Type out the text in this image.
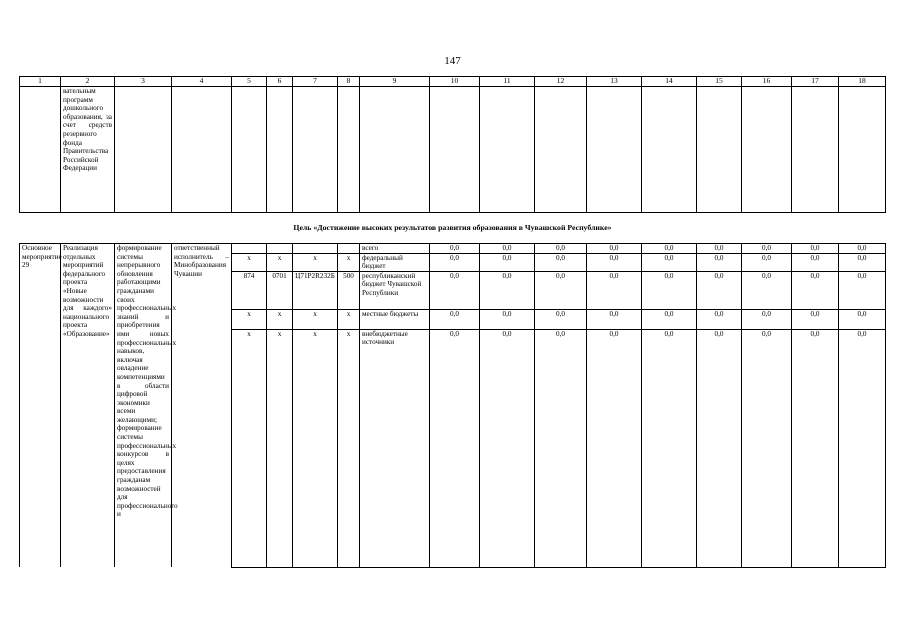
147
1	2	3	4	5	6	7	8	9	10	11	12	13	14	15	16	17	18
	вательным программ дошкольного образования, за счет средств резервного фонда Правительства Российской Федерации																
Цель «Достижение высоких результатов развития образования в Чувашской Республике»																	
Основное мероприятие 29	Реализация отдельных мероприятий федерального проекта «Новые возможности для каждого» национального проекта «Образование»	формирование системы непрерывного обновления работающими гражданами своих профессиональных знаний и приобретения ими новых профессиональных навыков, включая овладение компетенциями в области цифровой экономики всеми желающими; формирование системы профессиональных конкурсов в целях предоставления гражданам возможностей для профессионального и	ответственный исполнитель – Минобразования Чувашии					всего	0,0	0,0	0,0	0,0	0,0	0,0	0,0	0,0	0,0
				x	x	x	x	федеральный бюджет	0,0	0,0	0,0	0,0	0,0	0,0	0,0	0,0	0,0
				874	0701	Ц71Р2R232Б	500	республиканский бюджет Чувашской Республики	0,0	0,0	0,0	0,0	0,0	0,0	0,0	0,0	0,0
				x	x	x	x	местные бюджеты	0,0	0,0	0,0	0,0	0,0	0,0	0,0	0,0	0,0
				x	x	x	x	внебюджетные источники	0,0	0,0	0,0	0,0	0,0	0,0	0,0	0,0	0,0
